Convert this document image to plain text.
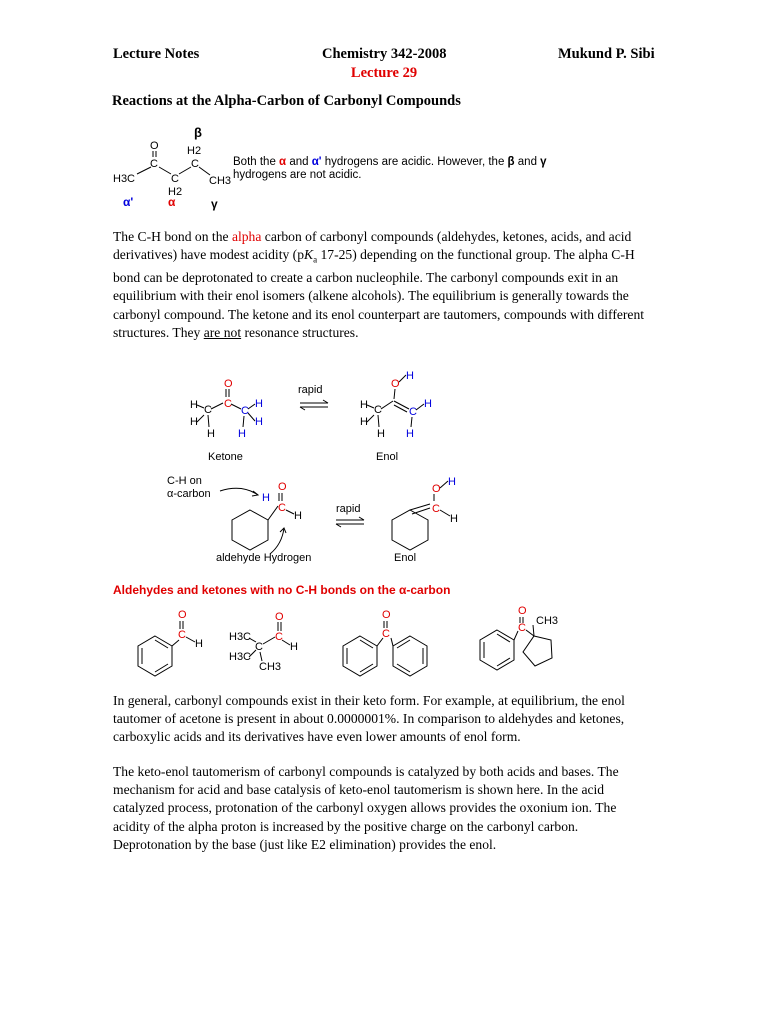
Lecture Notes	Chemistry 342-2008	Mukund P. Sibi
Lecture 29
Reactions at the Alpha-Carbon of Carbonyl Compounds
β
O	H2
C	C
H3C	C	CH3
H2
α'	α	γ
Both the α and α' hydrogens are acidic. However, the β and γ
hydrogens are not acidic.
The C-H bond on the alpha carbon of carbonyl compounds (aldehydes, ketones, acids, and acid derivatives) have modest acidity ($pK_a$ 17-25) depending on the functional group. The alpha C-H bond can be deprotonated to create a carbon nucleophile. The carbonyl compounds exit in an equilibrium with their enol isomers (alkene alcohols). The equilibrium is generally towards the carbonyl compound. The ketone and its enol counterpart are tautomers, compounds with different structures. They are not resonance structures.
O
H C C
C
H
H	H
H H
Ketone
rapid	O
H
H C C
H
H
H H
Enol
C-H on
α-carbon	H
O
C
H
aldehyde Hydrogen
rapid
O
H
C
H
Enol
Aldehydes and ketones with no C-H bonds on the α-carbon
O
C
H
O
H3C C
H
C
H3C
CH3
O
C
O
C
CH3
In general, carbonyl compounds exist in their keto form. For example, at equilibrium, the enol tautomer of acetone is present in about 0.0000001%. In comparison to aldehydes and ketones, carboxylic acids and its derivatives have even lower amounts of enol form.
The keto-enol tautomerism of carbonyl compounds is catalyzed by both acids and bases. The mechanism for acid and base catalysis of keto-enol tautomerism is shown here. In the acid catalyzed process, protonation of the carbonyl oxygen allows provides the oxonium ion. The acidity of the alpha proton is increased by the positive charge on the carbonyl carbon. Deprotonation by the base (just like E2 elimination) provides the enol.
